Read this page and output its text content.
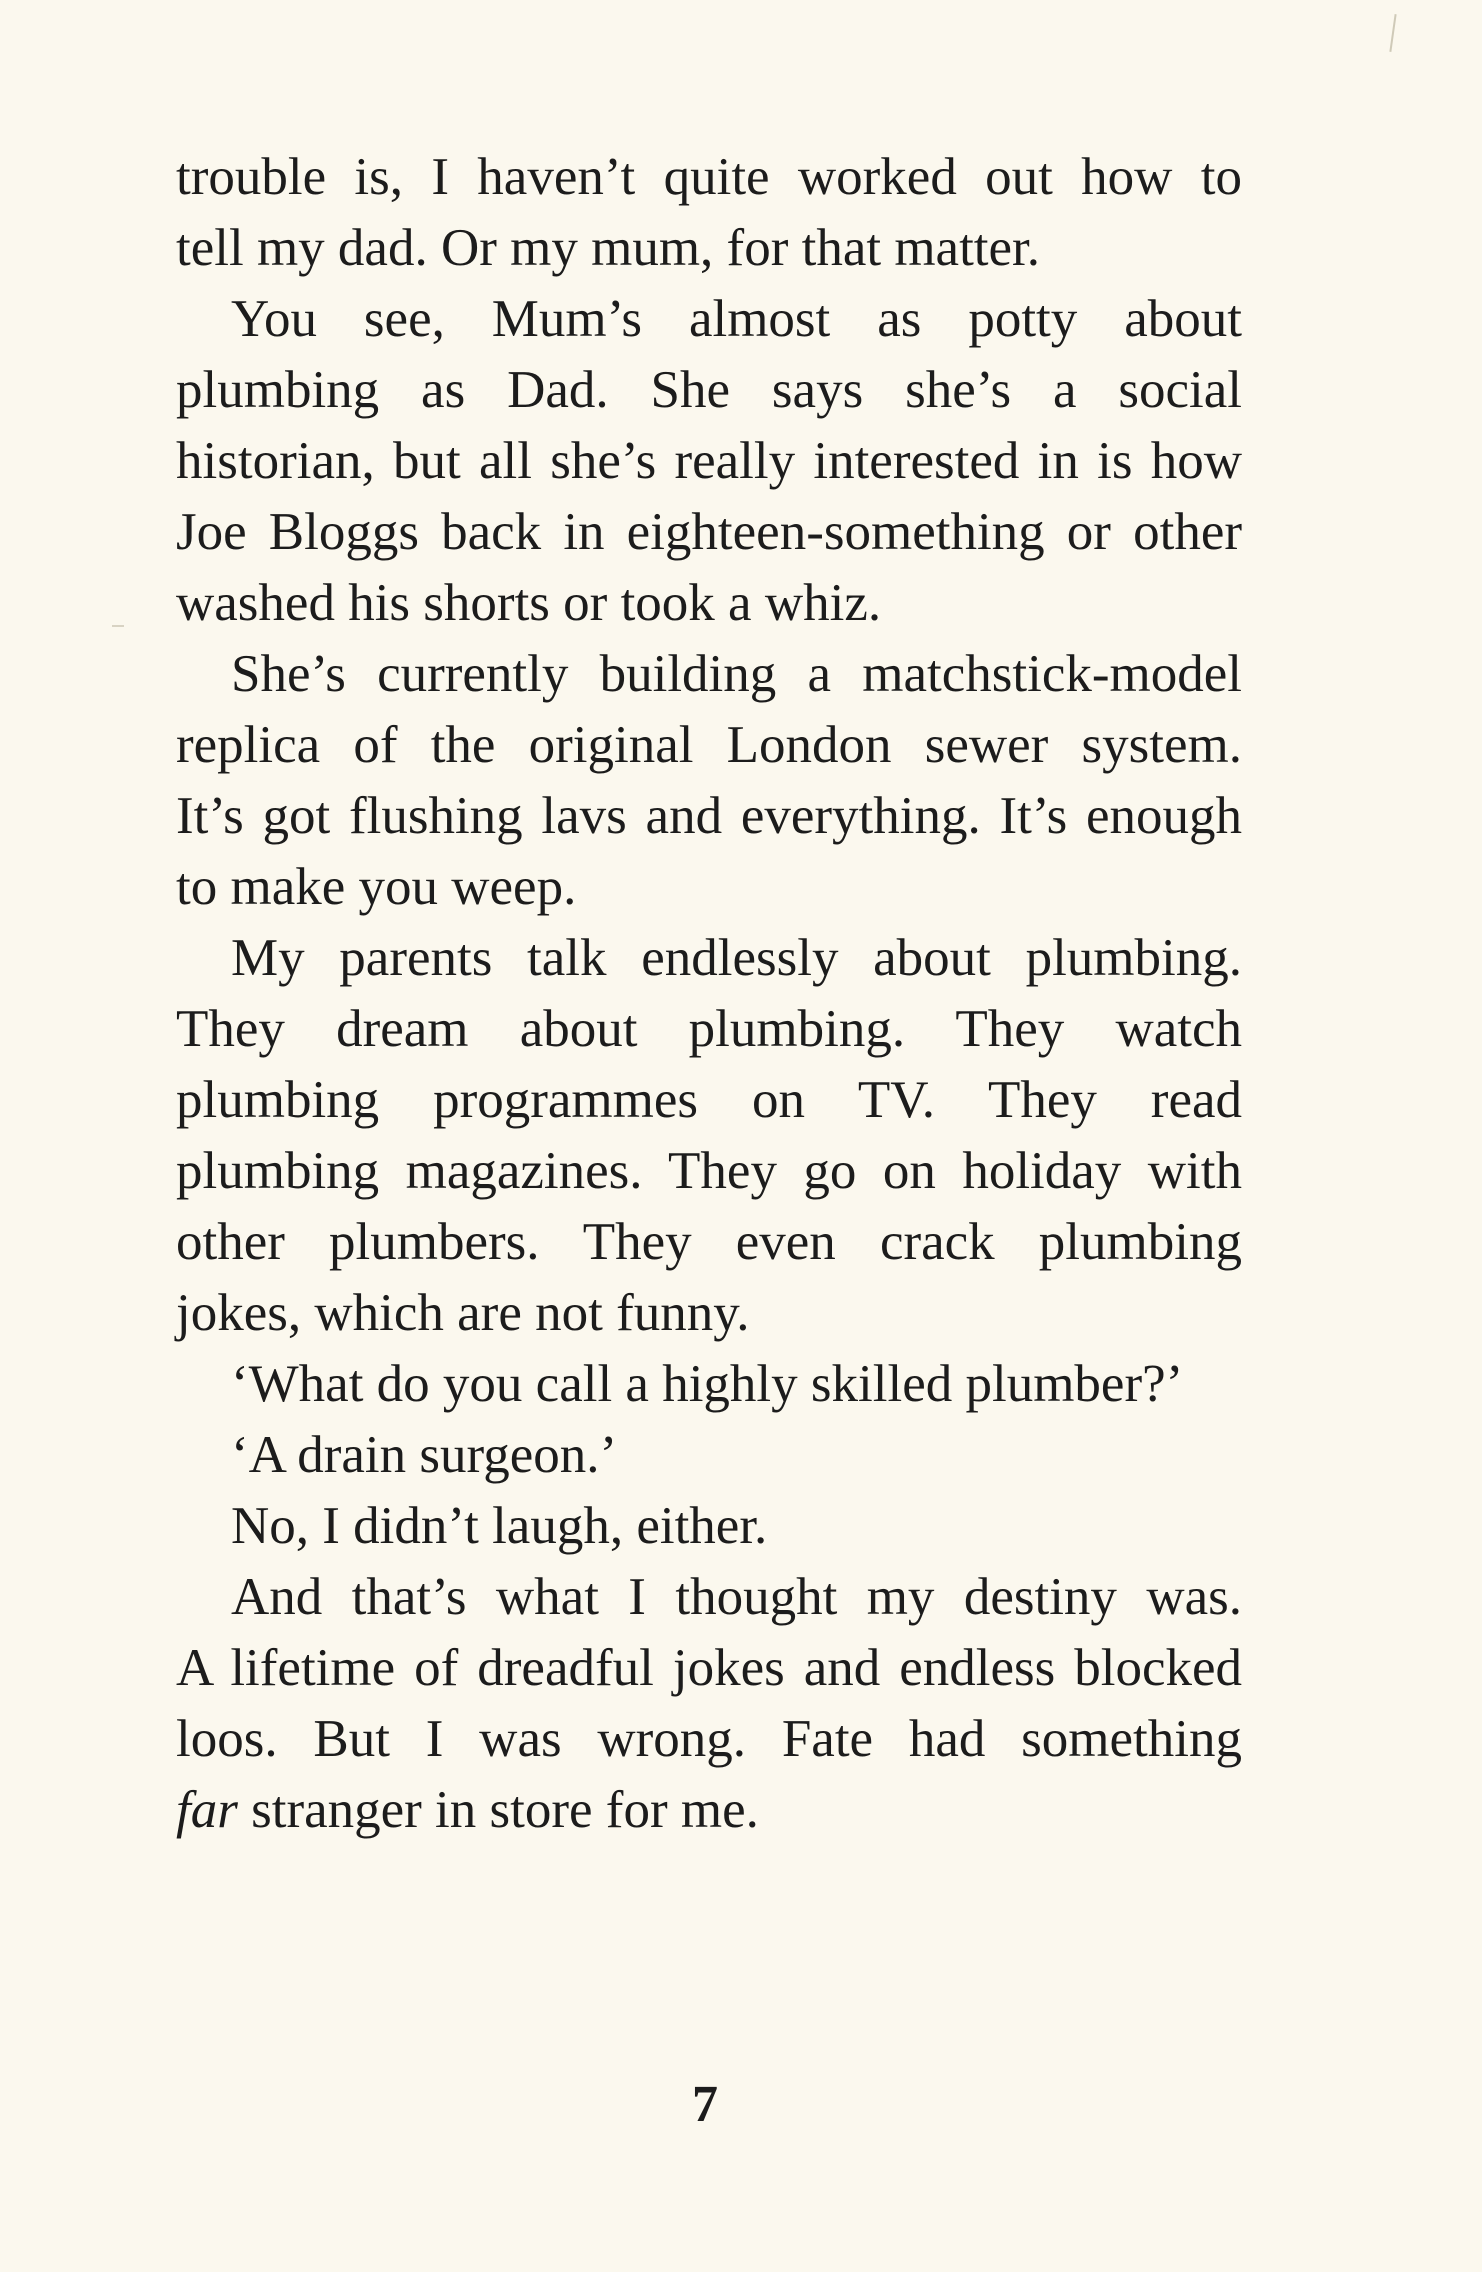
trouble is, I haven’t quite worked out how to
tell my dad. Or my mum, for that matter.
You see, Mum’s almost as potty about
plumbing as Dad. She says she’s a social
historian, but all she’s really interested in is how
Joe Bloggs back in eighteen-something or other
washed his shorts or took a whiz.
She’s currently building a matchstick-model
replica of the original London sewer system.
It’s got flushing lavs and everything. It’s enough
to make you weep.
My parents talk endlessly about plumbing.
They dream about plumbing. They watch
plumbing programmes on TV. They read
plumbing magazines. They go on holiday with
other plumbers. They even crack plumbing
jokes, which are not funny.
‘What do you call a highly skilled plumber?’
‘A drain surgeon.’
No, I didn’t laugh, either.
And that’s what I thought my destiny was.
A lifetime of dreadful jokes and endless blocked
loos. But I was wrong. Fate had something
far stranger in store for me.
7
